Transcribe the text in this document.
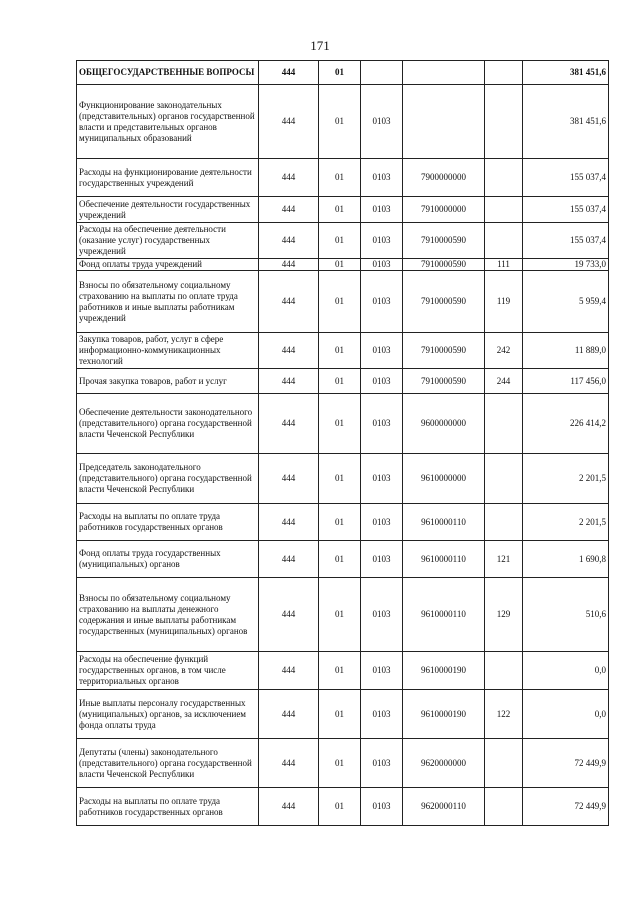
171
ОБЩЕГОСУДАРСТВЕННЫЕ ВОПРОСЫ	444	01				381 451,6
Функционирование законодательных (представительных) органов государственной власти и представительных органов муниципальных образований	444	01	0103			381 451,6
Расходы на функционирование деятельности государственных учреждений	444	01	0103	7900000000		155 037,4
Обеспечение деятельности государственных учреждений	444	01	0103	7910000000		155 037,4
Расходы на обеспечение деятельности (оказание услуг) государственных учреждений	444	01	0103	7910000590		155 037,4
Фонд оплаты труда учреждений	444	01	0103	7910000590	111	19 733,0
Взносы по обязательному социальному страхованию на выплаты по оплате труда работников и иные выплаты работникам учреждений	444	01	0103	7910000590	119	5 959,4
Закупка товаров, работ, услуг в сфере информационно-коммуникационных технологий	444	01	0103	7910000590	242	11 889,0
Прочая закупка товаров, работ и услуг	444	01	0103	7910000590	244	117 456,0
Обеспечение деятельности законодательного (представительного) органа государственной власти Чеченской Республики	444	01	0103	9600000000		226 414,2
Председатель законодательного (представительного) органа государственной власти Чеченской Республики	444	01	0103	9610000000		2 201,5
Расходы на выплаты по оплате труда работников государственных органов	444	01	0103	9610000110		2 201,5
Фонд оплаты труда государственных (муниципальных) органов	444	01	0103	9610000110	121	1 690,8
Взносы по обязательному социальному страхованию на выплаты денежного содержания и иные выплаты работникам государственных (муниципальных) органов	444	01	0103	9610000110	129	510,6
Расходы на обеспечение функций государственных органов, в том числе территориальных органов	444	01	0103	9610000190		0,0
Иные выплаты персоналу государственных (муниципальных) органов, за исключением фонда оплаты труда	444	01	0103	9610000190	122	0,0
Депутаты (члены) законодательного (представительного) органа государственной власти Чеченской Республики	444	01	0103	9620000000		72 449,9
Расходы на выплаты по оплате труда работников государственных органов	444	01	0103	9620000110		72 449,9
